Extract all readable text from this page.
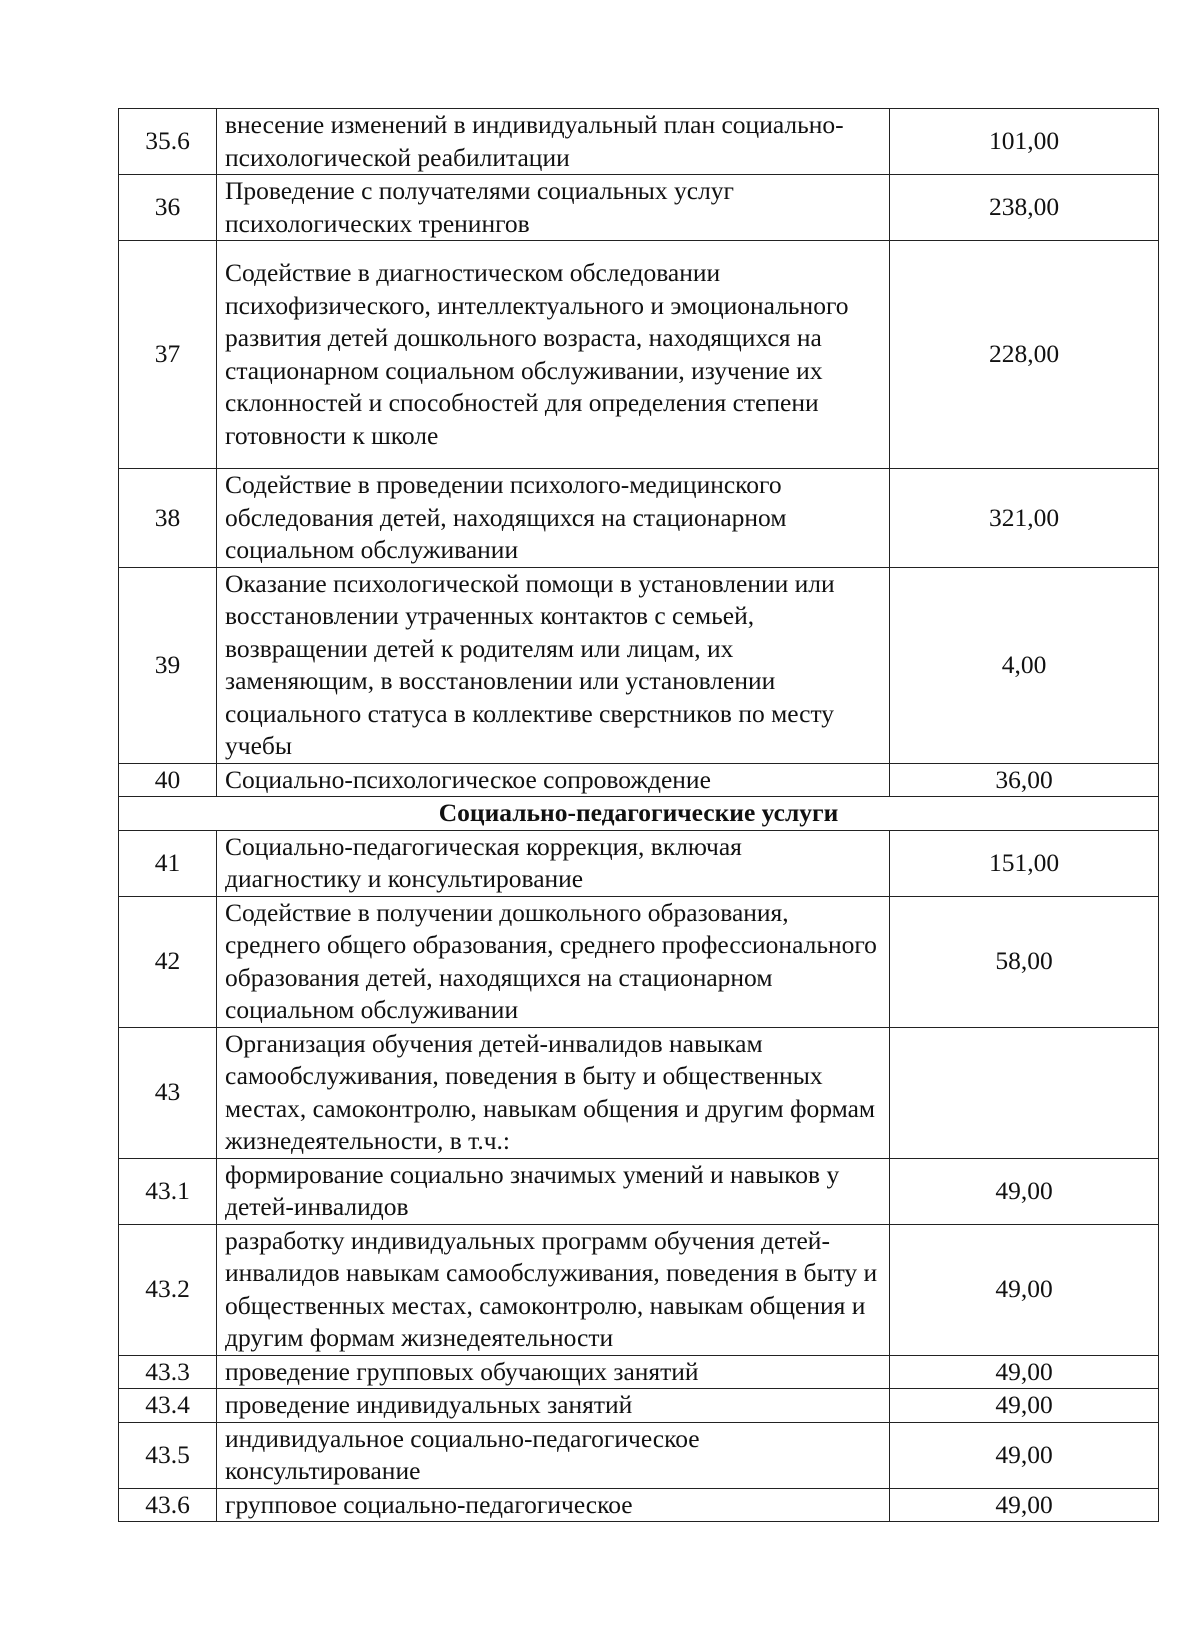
35.6	внесение изменений в индивидуальный план социально-психологической реабилитации	101,00
36	Проведение с получателями социальных услуг психологических тренингов	238,00
37	Содействие в диагностическом обследовании психофизического, интеллектуального и эмоционального развития детей дошкольного возраста, находящихся на стационарном социальном обслуживании, изучение их склонностей и способностей для определения степени готовности к школе	228,00
38	Содействие в проведении психолого-медицинского обследования детей, находящихся на стационарном социальном обслуживании	321,00
39	Оказание психологической помощи в установлении или восстановлении утраченных контактов с семьей, возвращении детей к родителям или лицам, их заменяющим, в восстановлении или установлении социального статуса в коллективе сверстников по месту учебы	4,00
40	Социально-психологическое сопровождение	36,00
Социально-педагогические услуги		
41	Социально-педагогическая коррекция, включая диагностику и консультирование	151,00
42	Содействие в получении дошкольного образования, среднего общего образования, среднего профессионального образования детей, находящихся на стационарном социальном обслуживании	58,00
43	Организация обучения детей-инвалидов навыкам самообслуживания, поведения в быту и общественных местах, самоконтролю, навыкам общения и другим формам жизнедеятельности, в т.ч.:	
43.1	формирование социально значимых умений и навыков у детей-инвалидов	49,00
43.2	разработку индивидуальных программ обучения детей-инвалидов навыкам самообслуживания, поведения в быту и общественных местах, самоконтролю, навыкам общения и другим формам жизнедеятельности	49,00
43.3	проведение групповых обучающих занятий	49,00
43.4	проведение индивидуальных занятий	49,00
43.5	индивидуальное социально-педагогическое консультирование	49,00
43.6	групповое социально-педагогическое	49,00
